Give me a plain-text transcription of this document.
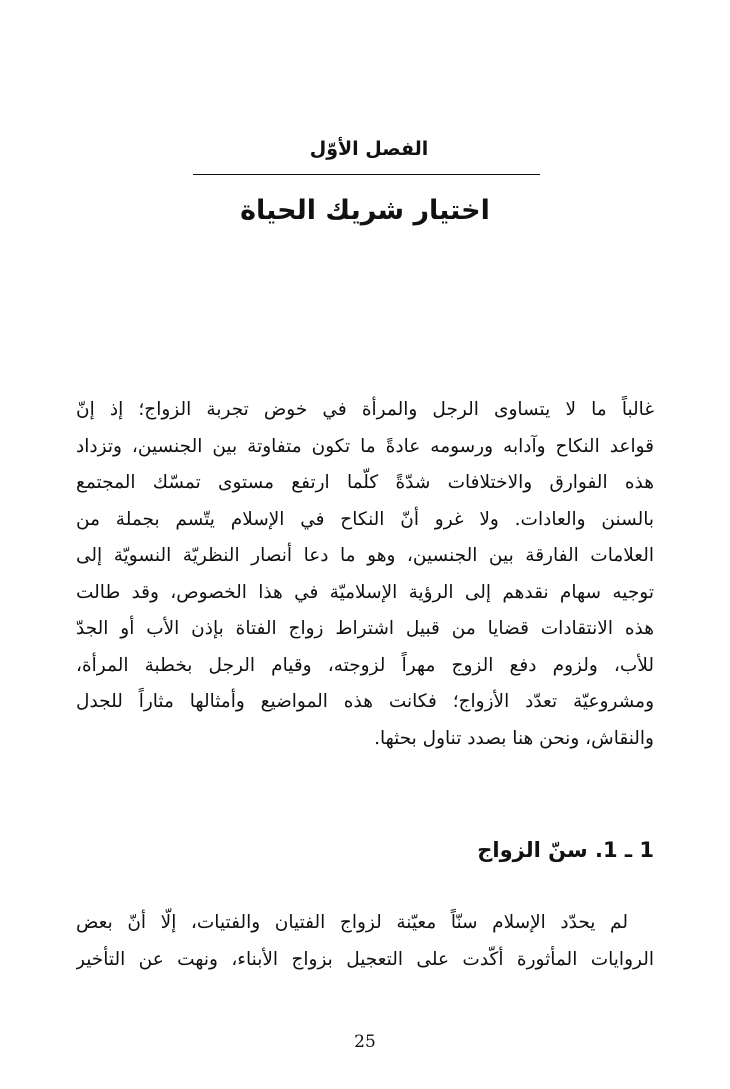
الفصل الأوّل
اختيار شريك الحياة
غالباً ما لا يتساوى الرجل والمرأة في خوض تجربة الزواج؛ إذ إنّ
قواعد النكاح وآدابه ورسومه عادةً ما تكون متفاوتة بين الجنسين، وتزداد
هذه الفوارق والاختلافات شدّةً كلّما ارتفع مستوى تمسّك المجتمع
بالسنن والعادات. ولا غرو أنّ النكاح في الإسلام يتّسم بجملة من
العلامات الفارقة بين الجنسين، وهو ما دعا أنصار النظريّة النسويّة إلى
توجيه سهام نقدهم إلى الرؤية الإسلاميّة في هذا الخصوص، وقد طالت
هذه الانتقادات قضايا من قبيل اشتراط زواج الفتاة بإذن الأب أو الجدّ
للأب، ولزوم دفع الزوج مهراً لزوجته، وقيام الرجل بخطبة المرأة،
ومشروعيّة تعدّد الأزواج؛ فكانت هذه المواضيع وأمثالها مثاراً للجدل
والنقاش، ونحن هنا بصدد تناول بحثها.
1 ـ 1. سنّ الزواج
لم يحدّد الإسلام سنّاً معيّنة لزواج الفتيان والفتيات، إلّا أنّ بعض
الروايات المأثورة أكّدت على التعجيل بزواج الأبناء، ونهت عن التأخير
25
